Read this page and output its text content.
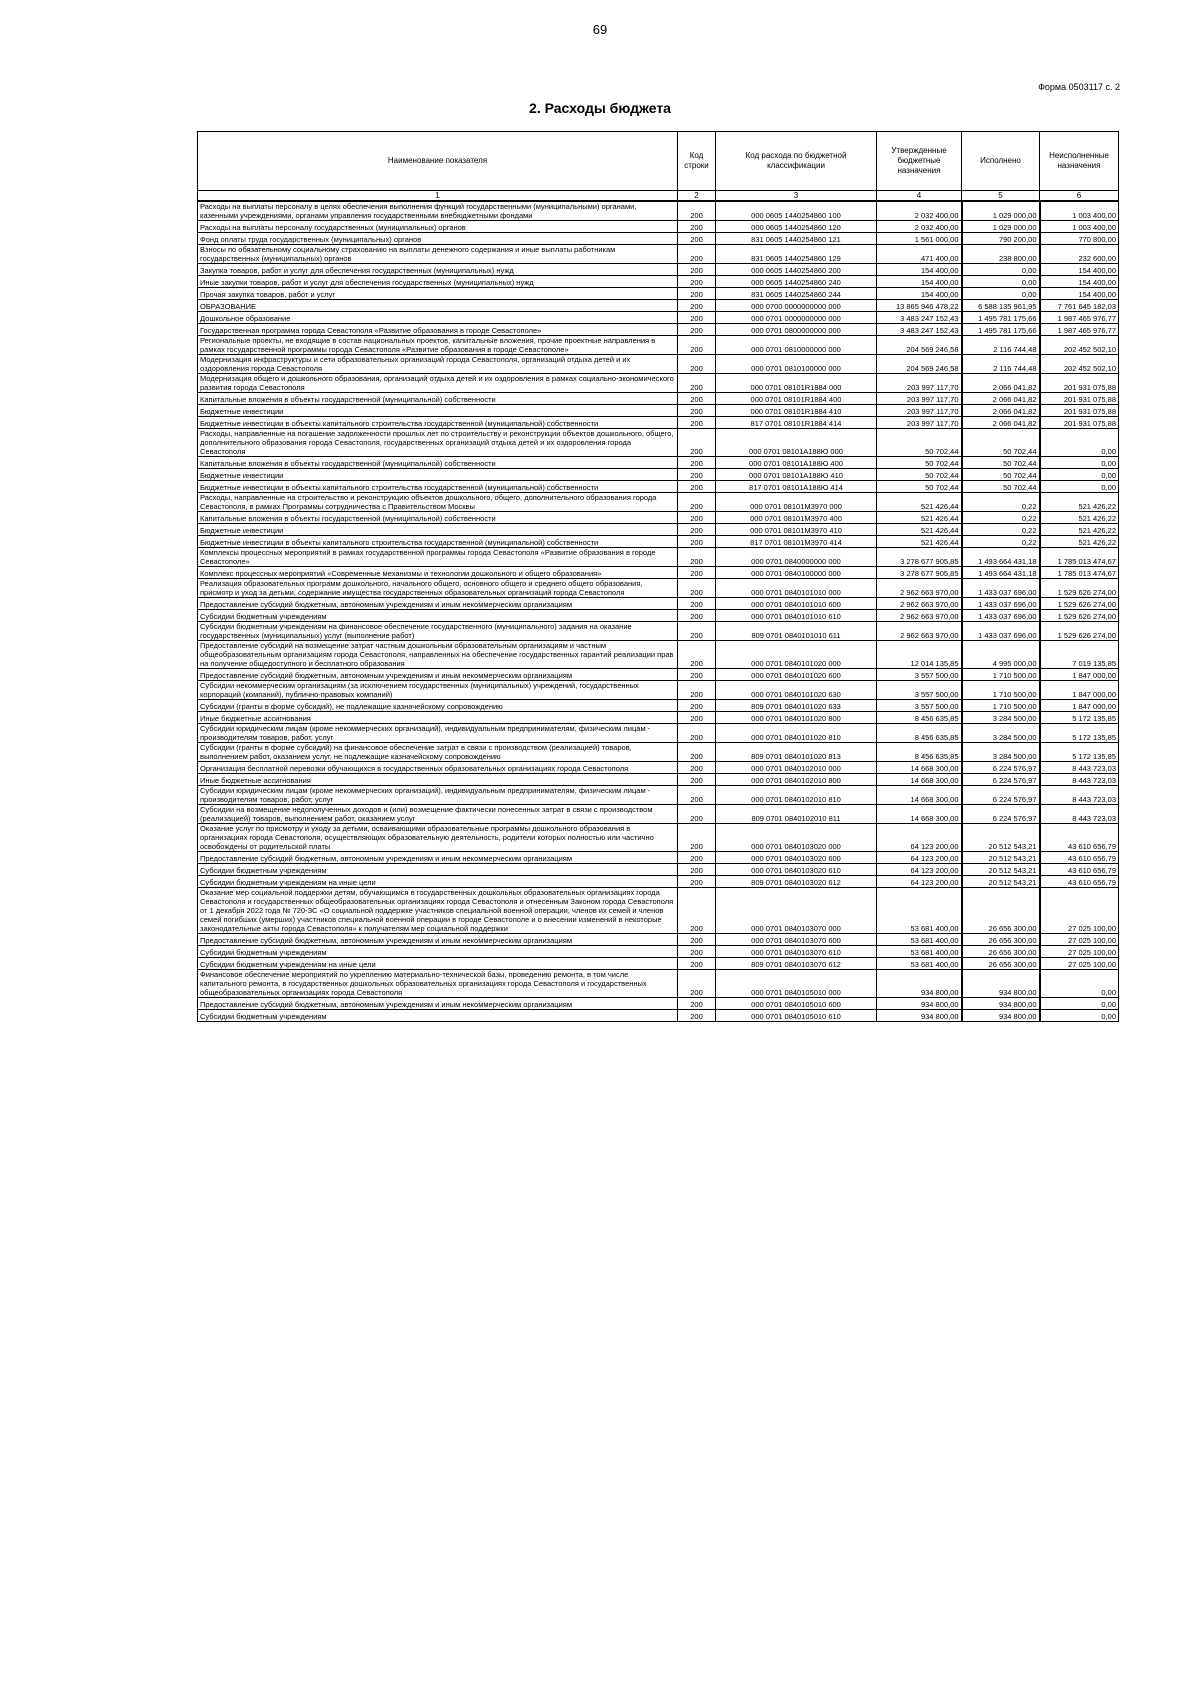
69
Форма 0503117 с. 2
2. Расходы бюджета
Наименование показателя	Код строки	Код расхода по бюджетной классификации	Утвержденные бюджетные назначения	Исполнено	Неисполненные назначения
1	2	3	4	5	6
Расходы на выплаты персоналу в целях обеспечения выполнения функций государственными (муниципальными) органами, казенными учреждениями, органами управления государственными внебюджетными фондами	200	000 0605 1440254860 100	2 032 400,00	1 029 000,00	1 003 400,00
Расходы на выплаты персоналу государственных (муниципальных) органов	200	000 0605 1440254860 120	2 032 400,00	1 029 000,00	1 003 400,00
Фонд оплаты труда государственных (муниципальных) органов	200	831 0605 1440254860 121	1 561 000,00	790 200,00	770 800,00
Взносы по обязательному социальному страхованию на выплаты денежного содержания и иные выплаты работникам государственных (муниципальных) органов	200	831 0605 1440254860 129	471 400,00	238 800,00	232 600,00
Закупка товаров, работ и услуг для обеспечения государственных (муниципальных) нужд	200	000 0605 1440254860 200	154 400,00	0,00	154 400,00
Иные закупки товаров, работ и услуг для обеспечения государственных (муниципальных) нужд	200	000 0605 1440254860 240	154 400,00	0,00	154 400,00
Прочая закупка товаров, работ и услуг	200	831 0605 1440254860 244	154 400,00	0,00	154 400,00
ОБРАЗОВАНИЕ	200	000 0700 0000000000 000	13 865 946 478,22	6 588 135 961,95	7 761 645 182,03
Дошкольное образование	200	000 0701 0000000000 000	3 483 247 152,43	1 495 781 175,66	1 987 465 976,77
Государственная программа города Севастополя «Развитие образования в городе Севастополе»	200	000 0701 0800000000 000	3 483 247 152,43	1 495 781 175,66	1 987 465 976,77
Региональные проекты, не входящие в состав национальных проектов, капитальные вложения, прочие проектные направления в рамках государственной программы города Севастополя «Развитие образования в городе Севастополе»	200	000 0701 0810000000 000	204 569 246,58	2 116 744,48	202 452 502,10
Модернизация инфраструктуры и сети образовательных организаций города Севастополя, организаций отдыха детей и их оздоровления города Севастополя	200	000 0701 0810100000 000	204 569 246,58	2 116 744,48	202 452 502,10
Модернизация общего и дошкольного образования, организаций отдыха детей и их оздоровления в рамках социально-экономического развития города Севастополя	200	000 0701 08101R1884 000	203 997 117,70	2 066 041,82	201 931 075,88
Капитальные вложения в объекты государственной (муниципальной) собственности	200	000 0701 08101R1884 400	203 997 117,70	2 066 041,82	201 931 075,88
Бюджетные инвестиции	200	000 0701 08101R1884 410	203 997 117,70	2 066 041,82	201 931 075,88
Бюджетные инвестиции в объекты капитального строительства государственной (муниципальной) собственности	200	817 0701 08101R1884 414	203 997 117,70	2 066 041,82	201 931 075,88
Расходы, направленные на погашение задолженности прошлых лет по строительству и реконструкции объектов дошкольного, общего, дополнительного образования города Севастополя, государственных организаций отдыха детей и их оздоровления города Севастополя	200	000 0701 08101А188Ю 000	50 702,44	50 702,44	0,00
Капитальные вложения в объекты государственной (муниципальной) собственности	200	000 0701 08101А188Ю 400	50 702,44	50 702,44	0,00
Бюджетные инвестиции	200	000 0701 08101А188Ю 410	50 702,44	50 702,44	0,00
Бюджетные инвестиции в объекты капитального строительства государственной (муниципальной) собственности	200	817 0701 08101А188Ю 414	50 702,44	50 702,44	0,00
Расходы, направленные на строительство и реконструкцию объектов дошкольного, общего, дополнительного образования города Севастополя, в рамках Программы сотрудничества с Правительством Москвы	200	000 0701 08101М3970 000	521 426,44	0,22	521 426,22
Капитальные вложения в объекты государственной (муниципальной) собственности	200	000 0701 08101М3970 400	521 426,44	0,22	521 426,22
Бюджетные инвестиции	200	000 0701 08101М3970 410	521 426,44	0,22	521 426,22
Бюджетные инвестиции в объекты капитального строительства государственной (муниципальной) собственности	200	817 0701 08101М3970 414	521 426,44	0,22	521 426,22
Комплексы процессных мероприятий в рамках государственной программы города Севастополя «Развитие образования в городе Севастополе»	200	000 0701 0840000000 000	3 278 677 905,85	1 493 664 431,18	1 785 013 474,67
Комплекс процессных мероприятий «Современные механизмы и технологии дошкольного и общего образования»	200	000 0701 0840100000 000	3 278 677 905,85	1 493 664 431,18	1 785 013 474,67
Реализация образовательных программ дошкольного, начального общего, основного общего и среднего общего образования, присмотр и уход за детьми, содержание имущества государственных образовательных организаций города Севастополя	200	000 0701 0840101010 000	2 962 663 970,00	1 433 037 696,00	1 529 626 274,00
Предоставление субсидий бюджетным, автономным учреждениям и иным некоммерческим организациям	200	000 0701 0840101010 600	2 962 663 970,00	1 433 037 696,00	1 529 626 274,00
Субсидии бюджетным учреждениям	200	000 0701 0840101010 610	2 962 663 970,00	1 433 037 696,00	1 529 626 274,00
Субсидии бюджетным учреждениям на финансовое обеспечение государственного (муниципального) задания на оказание государственных (муниципальных) услуг (выполнение работ)	200	809 0701 0840101010 611	2 962 663 970,00	1 433 037 696,00	1 529 626 274,00
Предоставление субсидий на возмещение затрат частным дошкольным образовательным организациям и частным общеобразовательным организациям города Севастополя, направленных на обеспечение государственных гарантий реализации прав на получение общедоступного и бесплатного образования	200	000 0701 0840101020 000	12 014 135,85	4 995 000,00	7 019 135,85
Предоставление субсидий бюджетным, автономным учреждениям и иным некоммерческим организациям	200	000 0701 0840101020 600	3 557 500,00	1 710 500,00	1 847 000,00
Субсидии некоммерческим организациям (за исключением государственных (муниципальных) учреждений, государственных корпораций (компаний), публично-правовых компаний)	200	000 0701 0840101020 630	3 557 500,00	1 710 500,00	1 847 000,00
Субсидии (гранты в форме субсидий), не подлежащие казначейскому сопровождению	200	809 0701 0840101020 633	3 557 500,00	1 710 500,00	1 847 000,00
Иные бюджетные ассигнования	200	000 0701 0840101020 800	8 456 635,85	3 284 500,00	5 172 135,85
Субсидии юридическим лицам (кроме некоммерческих организаций), индивидуальным предпринимателям, физическим лицам - производителям товаров, работ, услуг	200	000 0701 0840101020 810	8 456 635,85	3 284 500,00	5 172 135,85
Субсидии (гранты в форме субсидий) на финансовое обеспечение затрат в связи с производством (реализацией) товаров, выполнением работ, оказанием услуг, не подлежащие казначейскому сопровождению	200	809 0701 0840101020 813	8 456 635,85	3 284 500,00	5 172 135,85
Организация бесплатной перевозки обучающихся в государственных образовательных организациях города Севастополя	200	000 0701 0840102010 000	14 668 300,00	6 224 576,97	8 443 723,03
Иные бюджетные ассигнования	200	000 0701 0840102010 800	14 668 300,00	6 224 576,97	8 443 723,03
Субсидии юридическим лицам (кроме некоммерческих организаций), индивидуальным предпринимателям, физическим лицам - производителям товаров, работ, услуг	200	000 0701 0840102010 810	14 668 300,00	6 224 576,97	8 443 723,03
Субсидии на возмещение недополученных доходов и (или) возмещение фактически понесенных затрат в связи с производством (реализацией) товаров, выполнением работ, оказанием услуг	200	809 0701 0840102010 811	14 668 300,00	6 224 576,97	8 443 723,03
Оказание услуг по присмотру и уходу за детьми, осваивающими образовательные программы дошкольного образования в организациях города Севастополя, осуществляющих образовательную деятельность, родители которых полностью или частично освобождены от родительской платы	200	000 0701 0840103020 000	64 123 200,00	20 512 543,21	43 610 656,79
Предоставление субсидий бюджетным, автономным учреждениям и иным некоммерческим организациям	200	000 0701 0840103020 600	64 123 200,00	20 512 543,21	43 610 656,79
Субсидии бюджетным учреждениям	200	000 0701 0840103020 610	64 123 200,00	20 512 543,21	43 610 656,79
Субсидии бюджетным учреждениям на иные цели	200	809 0701 0840103020 612	64 123 200,00	20 512 543,21	43 610 656,79
Оказание мер социальной поддержки детям, обучающимся в государственных дошкольных образовательных организациях города Севастополя и государственных общеобразовательных организациях города Севастополя и отнесенным Законом города Севастополя от 1 декабря 2022 года № 720-ЗС «О социальной поддержке участников специальной военной операции, членов их семей и членов семей погибших (умерших) участников специальной военной операции в городе Севастополе и о внесении изменений в некоторые законодательные акты города Севастополя» к получателям мер социальной поддержки	200	000 0701 0840103070 000	53 681 400,00	26 656 300,00	27 025 100,00
Предоставление субсидий бюджетным, автономным учреждениям и иным некоммерческим организациям	200	000 0701 0840103070 600	53 681 400,00	26 656 300,00	27 025 100,00
Субсидии бюджетным учреждениям	200	000 0701 0840103070 610	53 681 400,00	26 656 300,00	27 025 100,00
Субсидии бюджетным учреждениям на иные цели	200	809 0701 0840103070 612	53 681 400,00	26 656 300,00	27 025 100,00
Финансовое обеспечение мероприятий по укреплению материально-технической базы, проведению ремонта, в том числе капитального ремонта, в государственных дошкольных образовательных организациях города Севастополя и государственных общеобразовательных организациях города Севастополя	200	000 0701 0840105010 000	934 800,00	934 800,00	0,00
Предоставление субсидий бюджетным, автономным учреждениям и иным некоммерческим организациям	200	000 0701 0840105010 600	934 800,00	934 800,00	0,00
Субсидии бюджетным учреждениям	200	000 0701 0840105010 610	934 800,00	934 800,00	0,00
